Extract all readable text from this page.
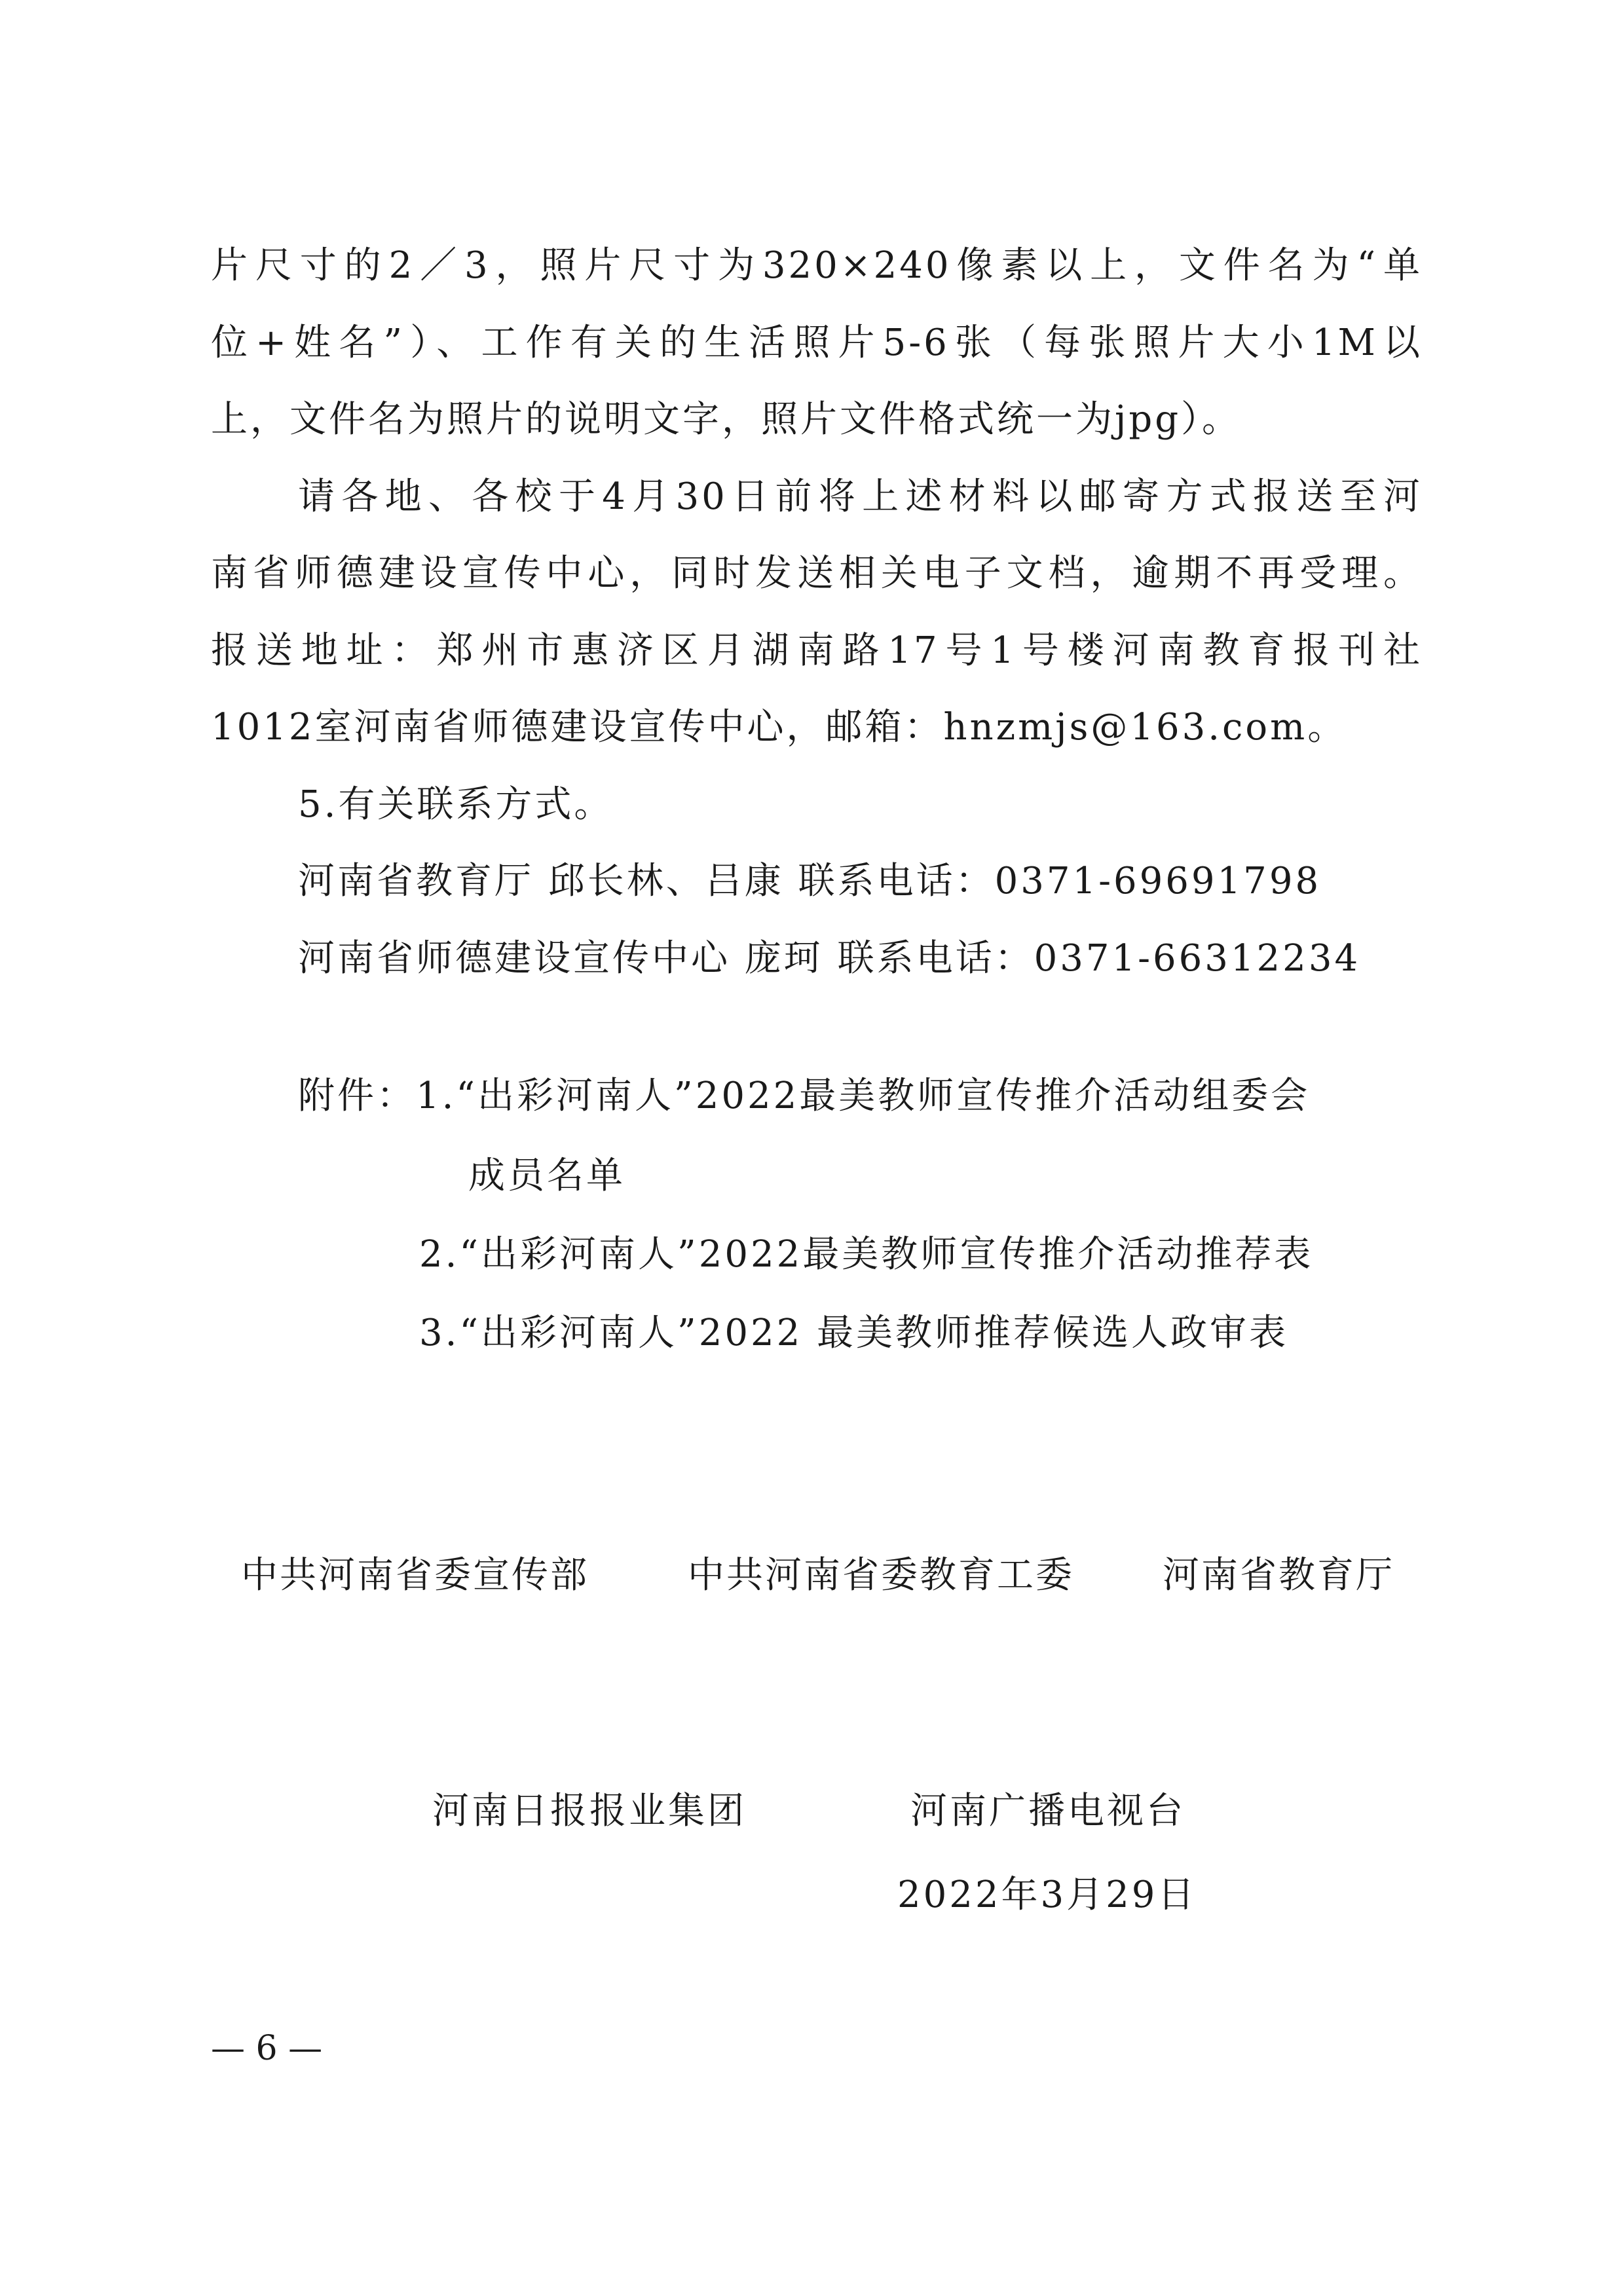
片尺寸的2／3，照片尺寸为320×240像素以上，文件名为“单
位+姓名”）、工作有关的生活照片5-6张（每张照片大小1M以
上，文件名为照片的说明文字，照片文件格式统一为jpg）。
请各地、各校于4月30日前将上述材料以邮寄方式报送至河
南省师德建设宣传中心，同时发送相关电子文档，逾期不再受理。
报送地址：郑州市惠济区月湖南路17号1号楼河南教育报刊社
1012室河南省师德建设宣传中心，邮箱：hnzmjs@163.com。
5.有关联系方式。
河南省教育厅 邱长林、吕康 联系电话：0371-69691798
河南省师德建设宣传中心 庞珂 联系电话：0371-66312234
附件：1.“出彩河南人”2022最美教师宣传推介活动组委会
成员名单
2.“出彩河南人”2022最美教师宣传推介活动推荐表
3.“出彩河南人”2022 最美教师推荐候选人政审表
中共河南省委宣传部	中共河南省委教育工委 河南省教育厅
河南日报报业集团	河南广播电视台
2022年3月29日
— 6 —
